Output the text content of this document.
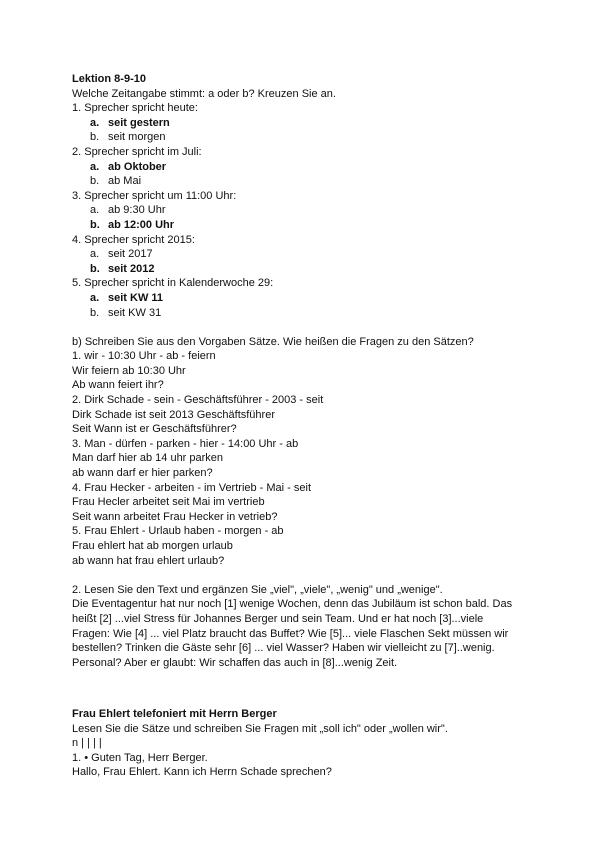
Lektion 8-9-10
Welche Zeitangabe stimmt: a oder b? Kreuzen Sie an.
1. Sprecher spricht heute:
a. seit gestern
b. seit morgen
2. Sprecher spricht im Juli:
a. ab Oktober
b. ab Mai
3. Sprecher spricht um 11:00 Uhr:
a. ab 9:30 Uhr
b. ab 12:00 Uhr
4. Sprecher spricht 2015:
a. seit 2017
b. seit 2012
5. Sprecher spricht in Kalenderwoche 29:
a. seit KW 11
b. seit KW 31
b) Schreiben Sie aus den Vorgaben Sätze. Wie heißen die Fragen zu den Sätzen?
1. wir - 10:30 Uhr - ab - feiern
Wir feiern ab 10:30 Uhr
Ab wann feiert ihr?
2. Dirk Schade - sein - Geschäftsführer - 2003 - seit
Dirk Schade ist seit 2013 Geschäftsführer
Seit Wann ist er Geschäftsführer?
3. Man - dürfen - parken - hier - 14:00 Uhr - ab
Man darf hier ab 14 uhr parken
ab wann darf er hier parken?
4. Frau Hecker - arbeiten - im Vertrieb - Mai - seit
Frau Hecler arbeitet seit Mai im vertrieb
Seit wann arbeitet Frau Hecker in vetrieb?
5. Frau Ehlert - Urlaub haben - morgen - ab
Frau ehlert hat ab morgen urlaub
ab wann hat frau ehlert urlaub?
2. Lesen Sie den Text und ergänzen Sie „viel", „viele", „wenig" und „wenige".
Die Eventagentur hat nur noch [1] wenige Wochen, denn das Jubiläum ist schon bald. Das
heißt [2] ...viel Stress für Johannes Berger und sein Team. Und er hat noch [3]...viele
Fragen: Wie [4] ... viel Platz braucht das Buffet? Wie [5]... viele Flaschen Sekt müssen wir
bestellen? Trinken die Gäste sehr [6] ... viel Wasser? Haben wir vielleicht zu [7]..wenig.
Personal? Aber er glaubt: Wir schaffen das auch in [8]...wenig Zeit.
Frau Ehlert telefoniert mit Herrn Berger
Lesen Sie die Sätze und schreiben Sie Fragen mit „soll ich" oder „wollen wir".
n | | | |
1. • Guten Tag, Herr Berger.
Hallo, Frau Ehlert. Kann ich Herrn Schade sprechen?
